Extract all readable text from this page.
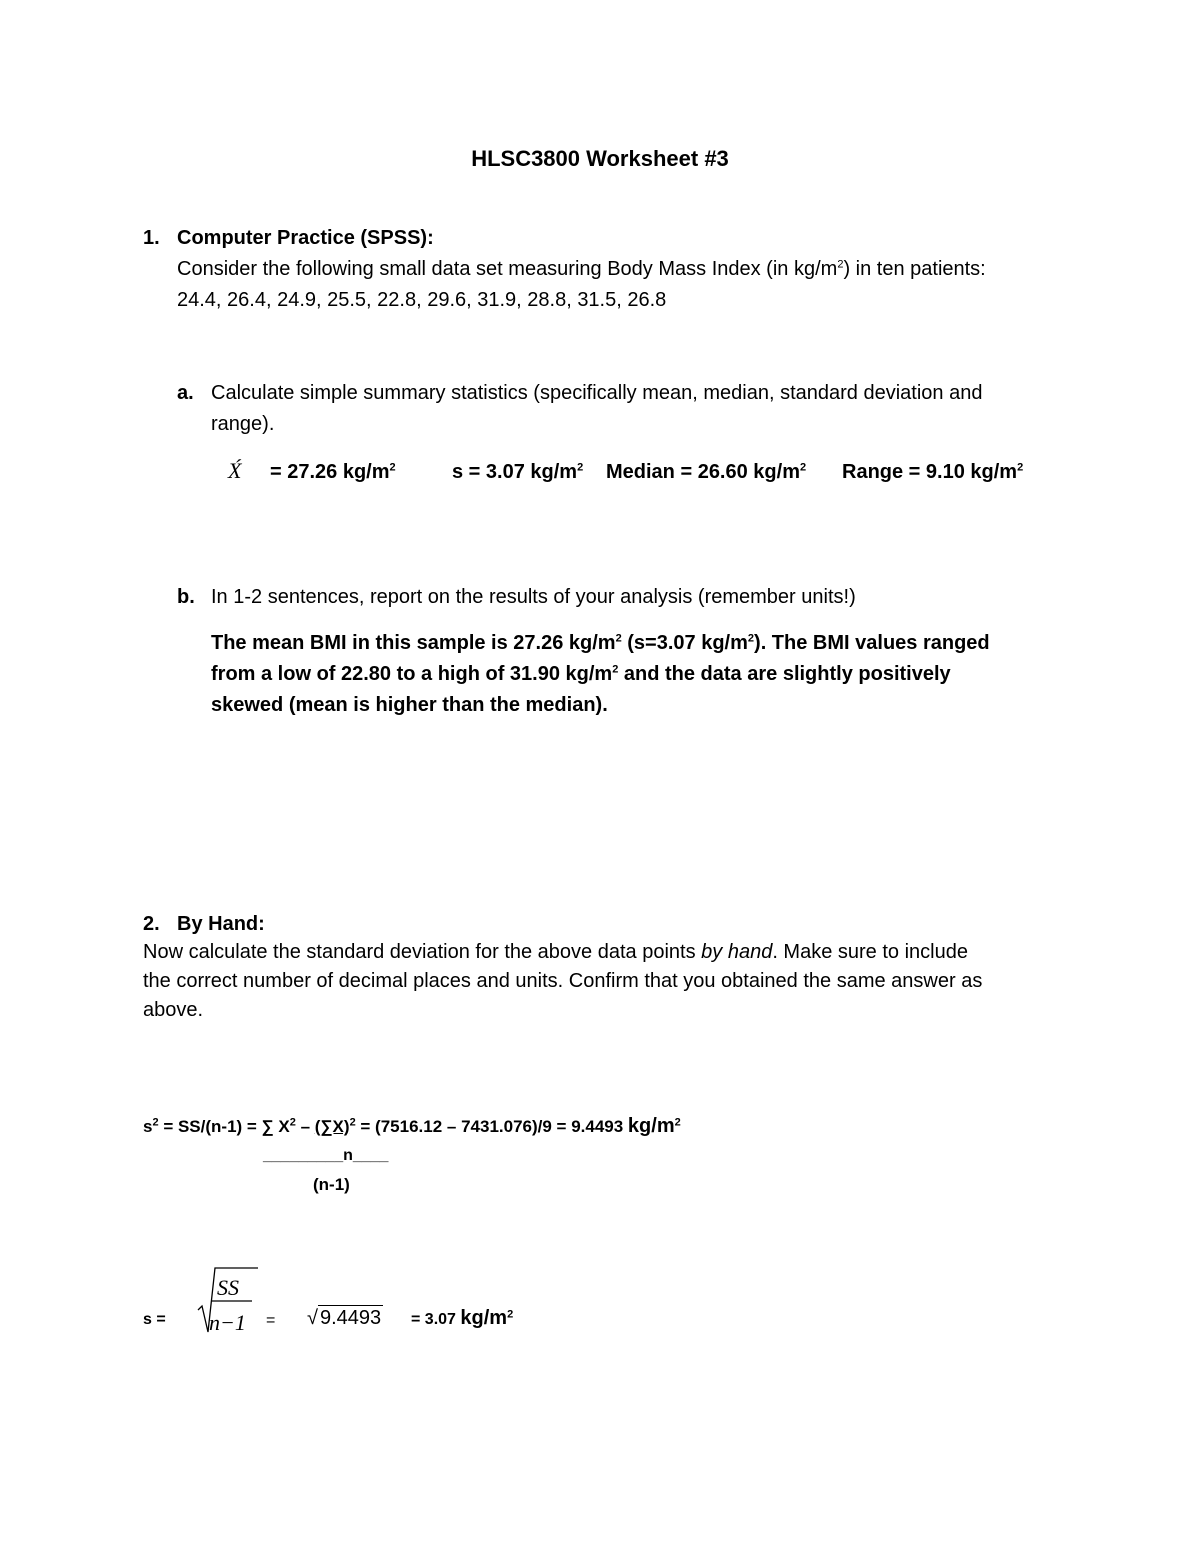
HLSC3800 Worksheet #3
1. Computer Practice (SPSS):
Consider the following small data set measuring Body Mass Index (in $kg/m^2$) in ten patients:
24.4, 26.4, 24.9, 25.5, 22.8, 29.6, 31.9, 28.8, 31.5, 26.8
a. Calculate simple summary statistics (specifically mean, median, standard deviation and
range).
X́ = 27.26 $kg/m^2$	s = 3.07 $kg/m^2$ Median = 26.60 $kg/m^2$ Range = 9.10 $kg/m^2$
b. In 1-2 sentences, report on the results of your analysis (remember units!)
The mean BMI in this sample is 27.26 $kg/m^2$ (s=3.07 $kg/m^2$). The BMI values ranged
from a low of 22.80 to a high of 31.90 $kg/m^2$ and the data are slightly positively
skewed (mean is higher than the median).
2. By Hand:
Now calculate the standard deviation for the above data points by hand. Make sure to include
the correct number of decimal places and units. Confirm that you obtained the same answer as
above.
$s^2 = SS/(n-1)$ = ∑ $X^2 - (\sum X)^2 = (7516.12 - 7431.076)/9 = 9.4493$ $kg/m^2$
_________n____
(n-1)
s =
SS
n−1 = √ 9.4493 = 3.07 $kg/m^2$
